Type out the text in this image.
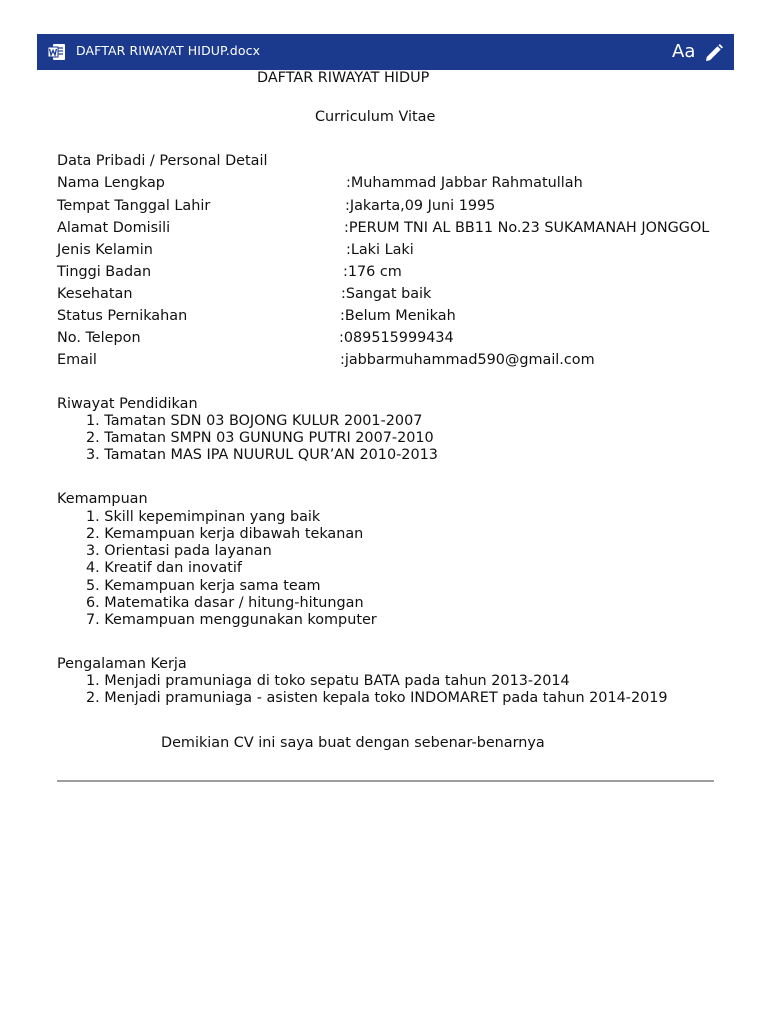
DAFTAR RIWAYAT HIDUP.docx	Aa
DAFTAR RIWAYAT HIDUP
Curriculum Vitae
Data Pribadi / Personal Detail
Nama Lengkap	:Muhammad Jabbar Rahmatullah
Tempat Tanggal Lahir	:Jakarta,09 Juni 1995
Alamat Domisili	:PERUM TNI AL BB11 No.23 SUKAMANAH JONGGOL
Jenis Kelamin	:Laki Laki
Tinggi Badan	:176 cm
Kesehatan	:Sangat baik
Status Pernikahan	:Belum Menikah
No. Telepon	:089515999434
Email	:jabbarmuhammad590@gmail.com
Riwayat Pendidikan
1. Tamatan SDN 03 BOJONG KULUR 2001-2007
2. Tamatan SMPN 03 GUNUNG PUTRI 2007-2010
3. Tamatan MAS IPA NUURUL QUR’AN 2010-2013
Kemampuan
1. Skill kepemimpinan yang baik
2. Kemampuan kerja dibawah tekanan
3. Orientasi pada layanan
4. Kreatif dan inovatif
5. Kemampuan kerja sama team
6. Matematika dasar / hitung-hitungan
7. Kemampuan menggunakan komputer
Pengalaman Kerja
1. Menjadi pramuniaga di toko sepatu BATA pada tahun 2013-2014
2. Menjadi pramuniaga - asisten kepala toko INDOMARET pada tahun 2014-2019
Demikian CV ini saya buat dengan sebenar-benarnya
